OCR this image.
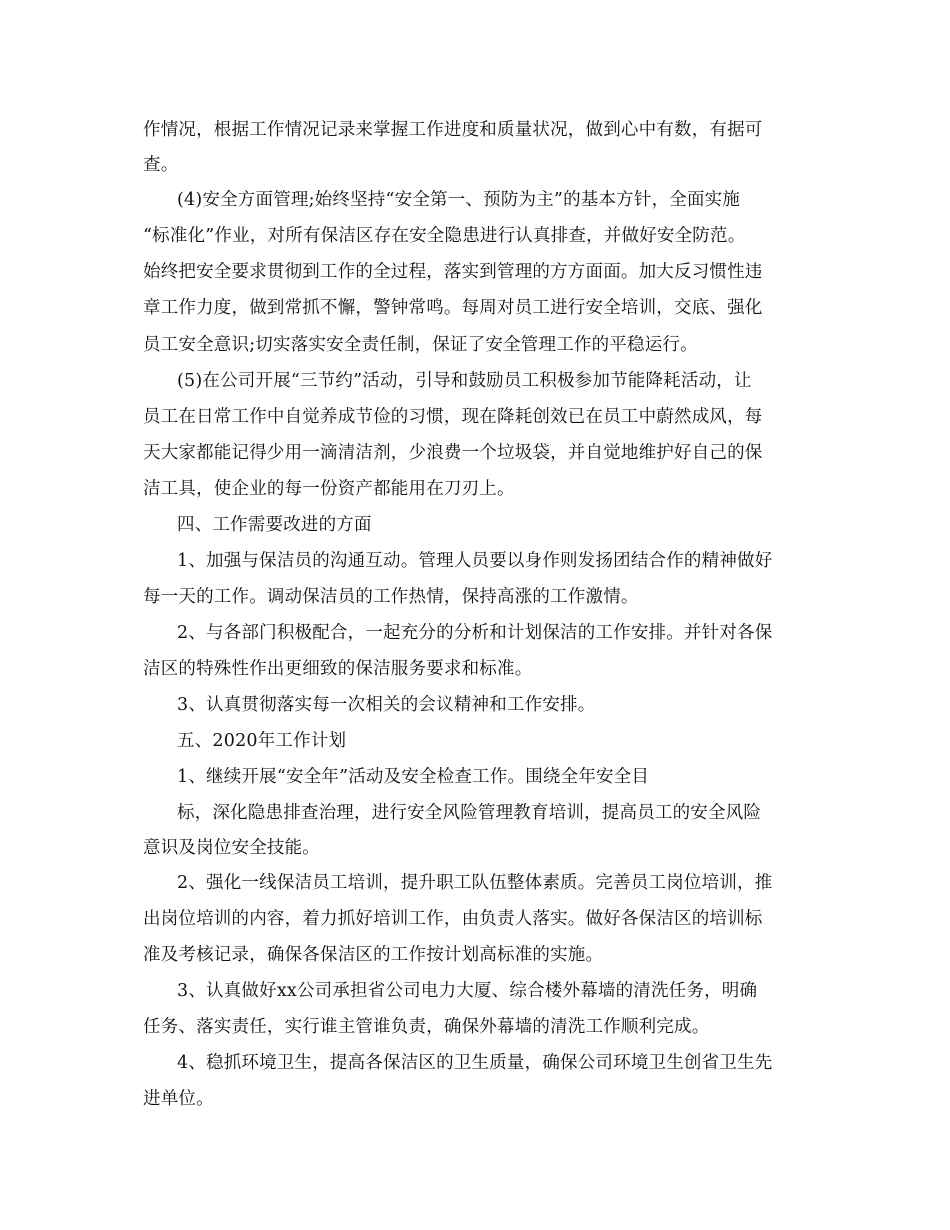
作情况，根据工作情况记录来掌握工作进度和质量状况，做到心中有数，有据可
查。
(4)安全方面管理;始终坚持“安全第一、预防为主”的基本方针，全面实施
“标准化”作业，对所有保洁区存在安全隐患进行认真排查，并做好安全防范。
始终把安全要求贯彻到工作的全过程，落实到管理的方方面面。加大反习惯性违
章工作力度，做到常抓不懈，警钟常鸣。每周对员工进行安全培训，交底、强化
员工安全意识;切实落实安全责任制，保证了安全管理工作的平稳运行。
(5)在公司开展“三节约”活动，引导和鼓励员工积极参加节能降耗活动，让
员工在日常工作中自觉养成节俭的习惯，现在降耗创效已在员工中蔚然成风，每
天大家都能记得少用一滴清洁剂，少浪费一个垃圾袋，并自觉地维护好自己的保
洁工具，使企业的每一份资产都能用在刀刃上。
四、工作需要改进的方面
1、加强与保洁员的沟通互动。管理人员要以身作则发扬团结合作的精神做好
每一天的工作。调动保洁员的工作热情，保持高涨的工作激情。
2、与各部门积极配合，一起充分的分析和计划保洁的工作安排。并针对各保
洁区的特殊性作出更细致的保洁服务要求和标准。
3、认真贯彻落实每一次相关的会议精神和工作安排。
五、2020年工作计划
1、继续开展“安全年”活动及安全检查工作。围绕全年安全目
标，深化隐患排查治理，进行安全风险管理教育培训，提高员工的安全风险
意识及岗位安全技能。
2、强化一线保洁员工培训，提升职工队伍整体素质。完善员工岗位培训，推
出岗位培训的内容，着力抓好培训工作，由负责人落实。做好各保洁区的培训标
准及考核记录，确保各保洁区的工作按计划高标准的实施。
3、认真做好xx公司承担省公司电力大厦、综合楼外幕墙的清洗任务，明确
任务、落实责任，实行谁主管谁负责，确保外幕墙的清洗工作顺利完成。
4、稳抓环境卫生，提高各保洁区的卫生质量，确保公司环境卫生创省卫生先
进单位。
